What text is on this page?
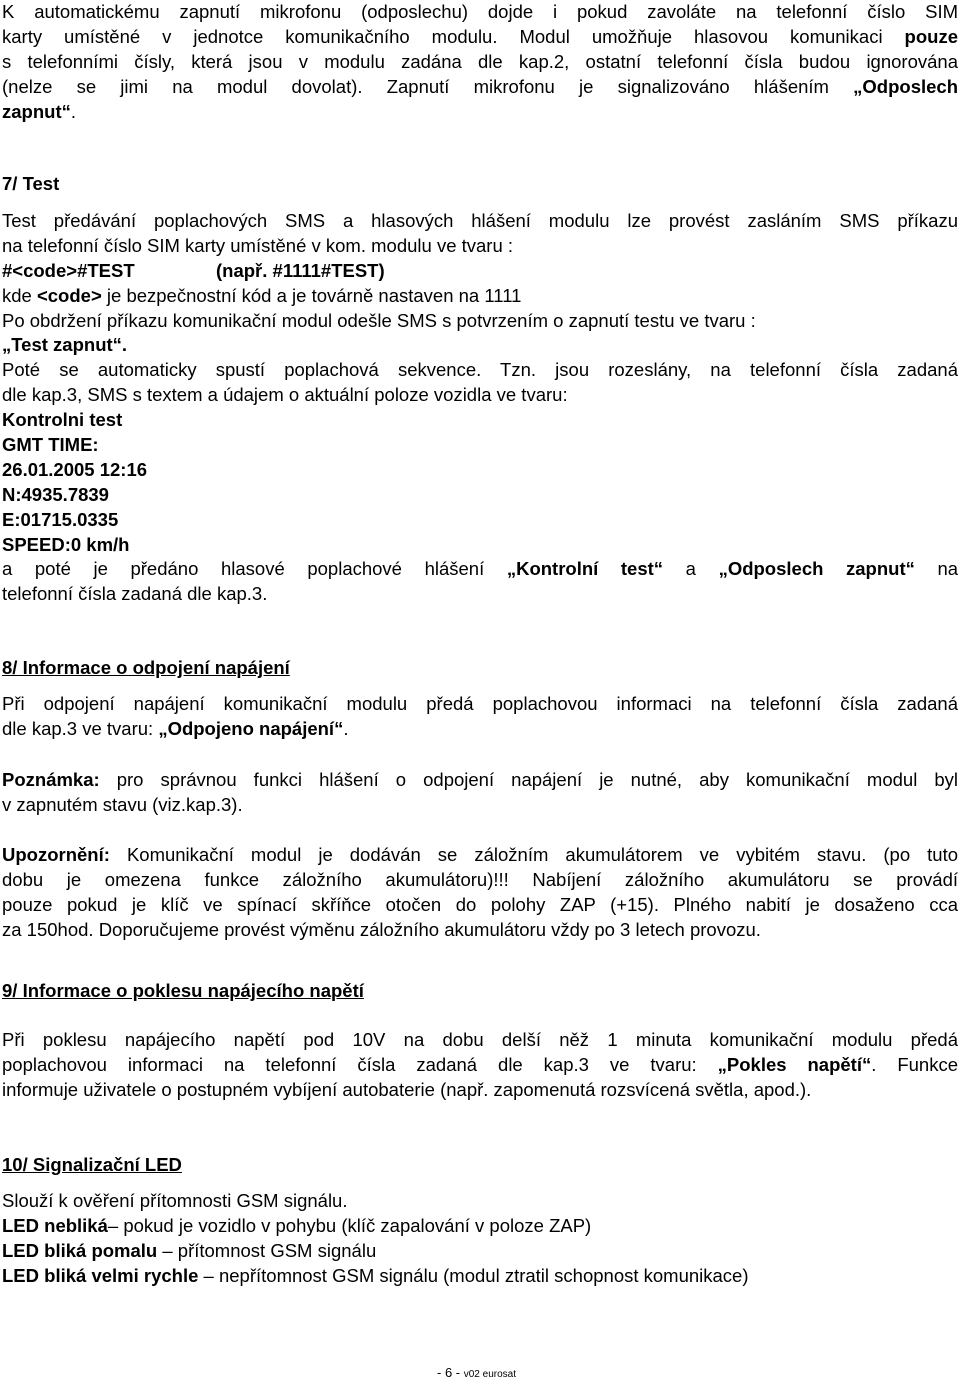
K automatickému zapnutí mikrofonu (odposlechu) dojde i pokud zavoláte na telefonní číslo SIM
karty umístěné v jednotce komunikačního modulu. Modul umožňuje hlasovou komunikaci pouze
s telefonními čísly, která jsou v modulu zadána dle kap.2, ostatní telefonní čísla budou ignorována
(nelze se jimi na modul dovolat). Zapnutí mikrofonu je signalizováno hlášením „Odposlech
zapnut“.
7/ Test
Test předávání poplachových SMS a hlasových hlášení modulu lze provést zasláním SMS příkazu
na telefonní číslo SIM karty umístěné v kom. modulu ve tvaru :
#<code>#TEST	(např. #1111#TEST)
kde <code> je bezpečnostní kód a je továrně nastaven na 1111
Po obdržení příkazu komunikační modul odešle SMS s potvrzením o zapnutí testu ve tvaru :
„Test zapnut“.
Poté se automaticky spustí poplachová sekvence. Tzn. jsou rozeslány, na telefonní čísla zadaná
dle kap.3, SMS s textem a údajem o aktuální poloze vozidla ve tvaru:
Kontrolni test
GMT TIME:
26.01.2005 12:16
N:4935.7839
E:01715.0335
SPEED:0 km/h
a poté je předáno hlasové poplachové hlášení „Kontrolní test“ a „Odposlech zapnut“ na
telefonní čísla zadaná dle kap.3.
8/ Informace o odpojení napájení
Při odpojení napájení komunikační modulu předá poplachovou informaci na telefonní čísla zadaná
dle kap.3 ve tvaru: „Odpojeno napájení“.
Poznámka: pro správnou funkci hlášení o odpojení napájení je nutné, aby komunikační modul byl
v zapnutém stavu (viz.kap.3).
Upozornění: Komunikační modul je dodáván se záložním akumulátorem ve vybitém stavu. (po tuto
dobu je omezena funkce záložního akumulátoru)!!! Nabíjení záložního akumulátoru se provádí
pouze pokud je klíč ve spínací skříňce otočen do polohy ZAP (+15). Plného nabití je dosaženo cca
za 150hod. Doporučujeme provést výměnu záložního akumulátoru vždy po 3 letech provozu.
9/ Informace o poklesu napájecího napětí
Při poklesu napájecího napětí pod 10V na dobu delší něž 1 minuta komunikační modulu předá
poplachovou informaci na telefonní čísla zadaná dle kap.3 ve tvaru: „Pokles napětí“. Funkce
informuje uživatele o postupném vybíjení autobaterie (např. zapomenutá rozsvícená světla, apod.).
10/ Signalizační LED
Slouží k ověření přítomnosti GSM signálu.
LED nebliká– pokud je vozidlo v pohybu (klíč zapalování v poloze ZAP)
LED bliká pomalu – přítomnost GSM signálu
LED bliká velmi rychle – nepřítomnost GSM signálu (modul ztratil schopnost komunikace)
- 6 - v02 eurosat
